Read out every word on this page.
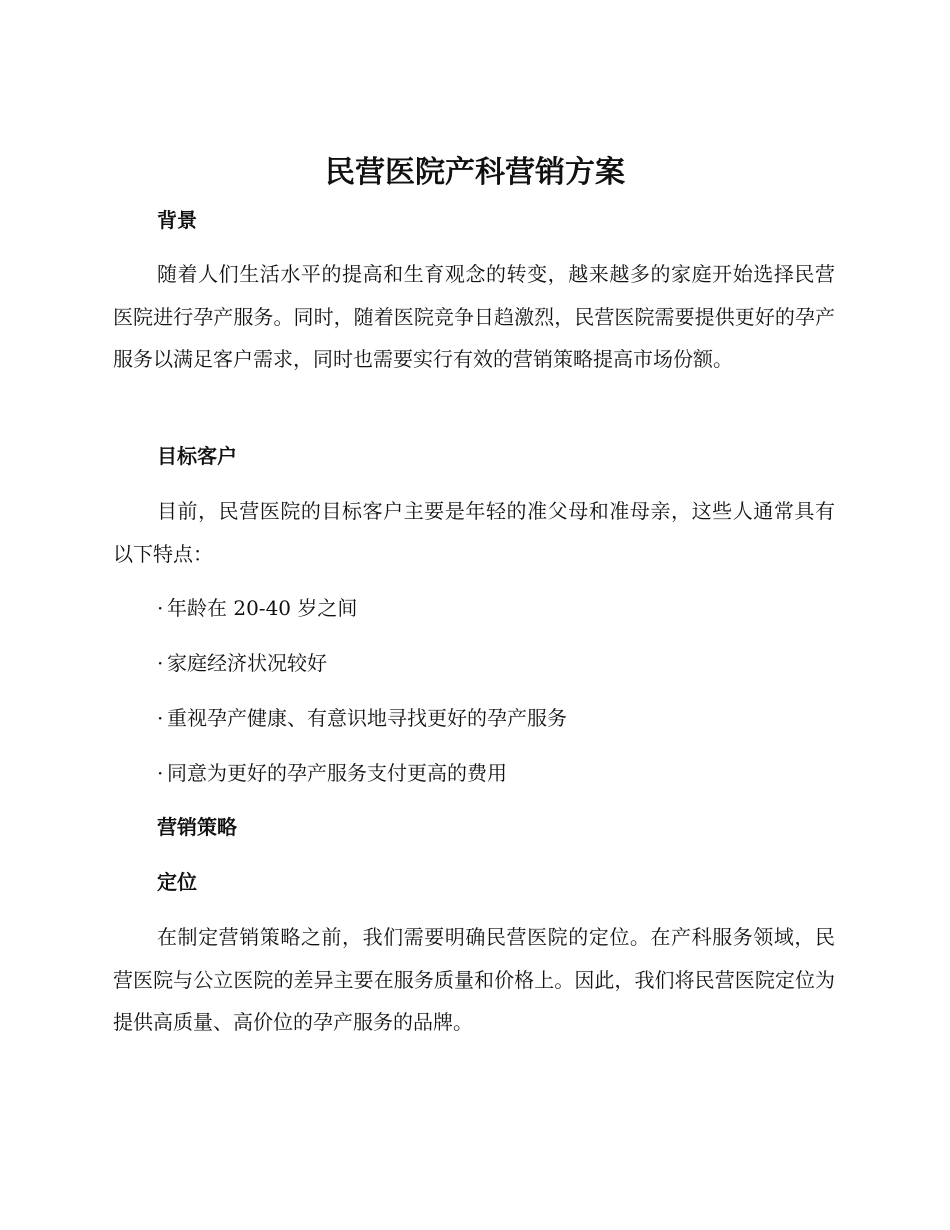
民营医院产科营销方案
背景

随着人们生活水平的提高和生育观念的转变，越来越多的家庭开始选择民营医院进行孕产服务。同时，随着医院竞争日趋激烈，民营医院需要提供更好的孕产服务以满足客户需求，同时也需要实行有效的营销策略提高市场份额。

目标客户

目前，民营医院的目标客户主要是年轻的准父母和准母亲，这些人通常具有以下特点：

· 年龄在 20-40 岁之间
· 家庭经济状况较好
· 重视孕产健康、有意识地寻找更好的孕产服务
· 同意为更好的孕产服务支付更高的费用
营销策略
定位

在制定营销策略之前，我们需要明确民营医院的定位。在产科服务领域，民营医院与公立医院的差异主要在服务质量和价格上。因此，我们将民营医院定位为提供高质量、高价位的孕产服务的品牌。
